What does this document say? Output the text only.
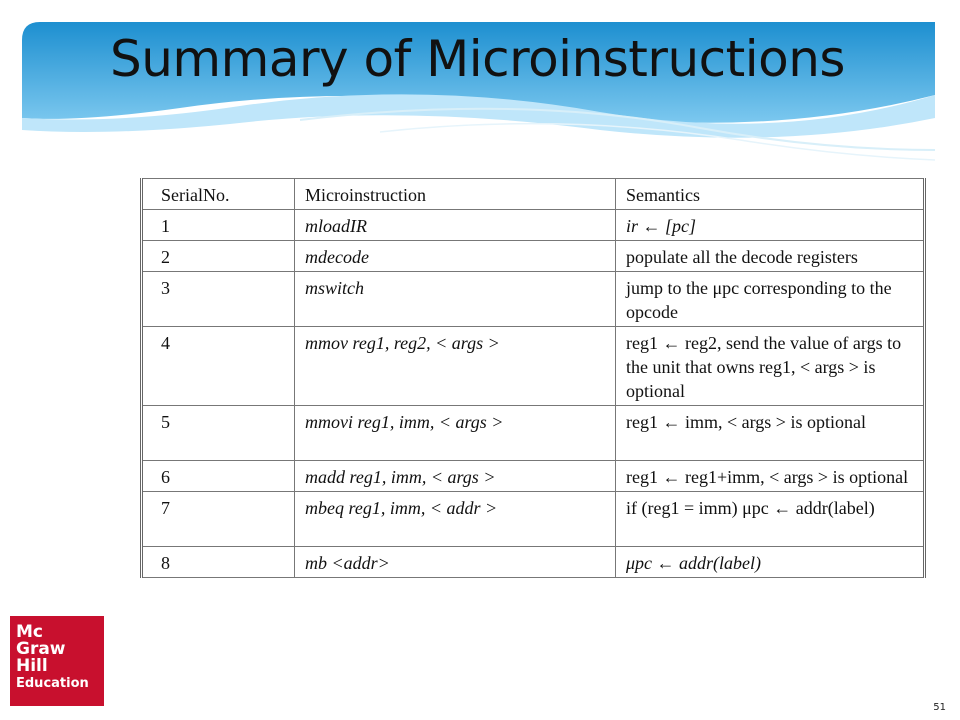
Summary of Microinstructions
SerialNo.	Microinstruction	Semantics
1	mloadIR	ir ← [pc]
2	mdecode	populate all the decode registers
3	mswitch	jump to the μpc corresponding to the opcode
4	mmov reg1, reg2, < args >	reg1 ← reg2, send the value of args to the unit that owns reg1, < args > is optional
5	mmovi reg1, imm, < args >	reg1 ← imm, < args > is optional
6	madd reg1, imm, < args >	reg1 ← reg1+imm, < args > is optional
7	mbeq reg1, imm, < addr >	if (reg1 = imm) μpc ← addr(label)
8	mb <addr>	μpc ← addr(label)
Mc
Graw
Hill
Education
51
